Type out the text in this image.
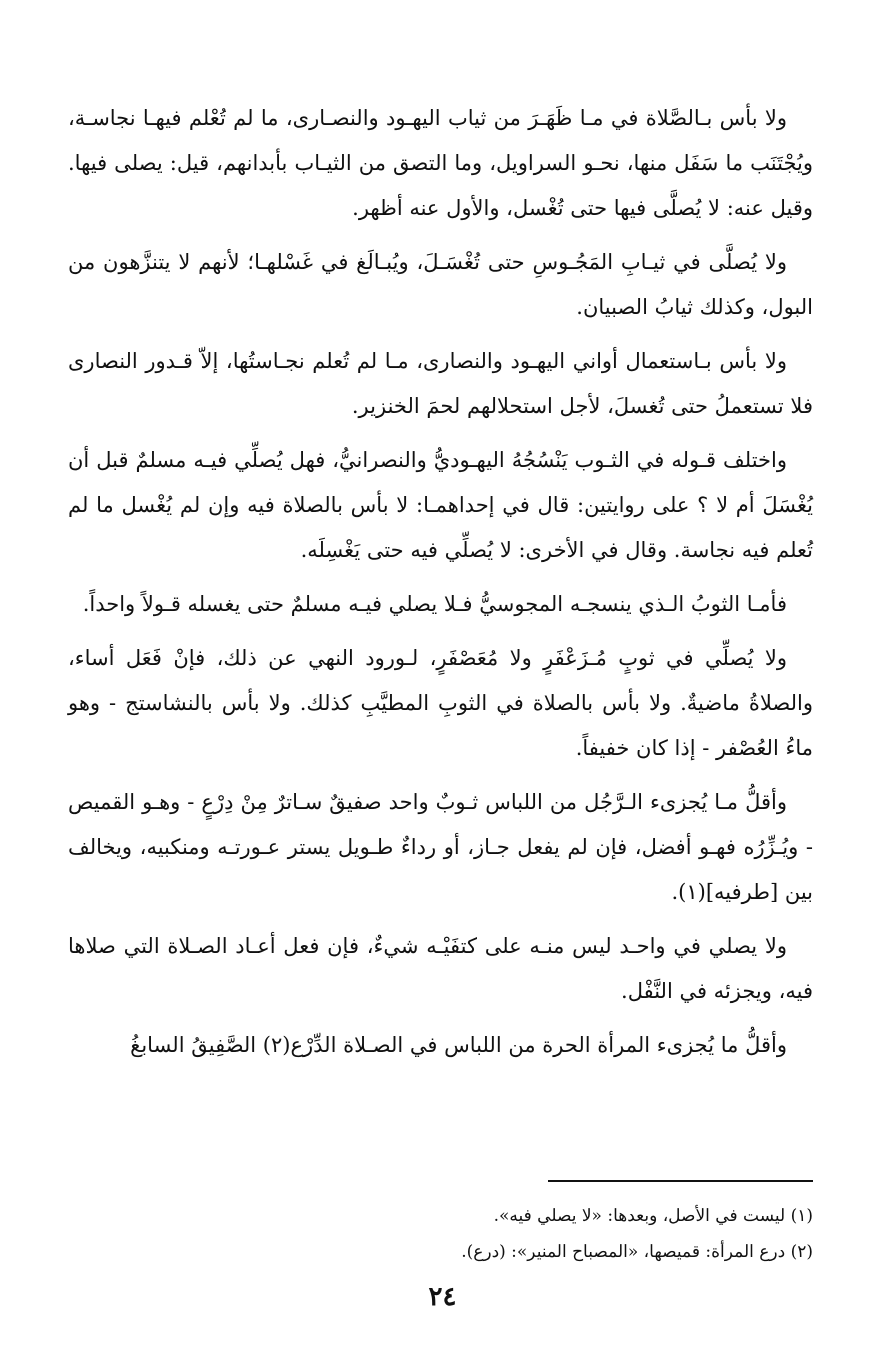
ولا بأس بـالصَّلاة في مـا ظَهَـرَ من ثياب اليهـود والنصـارى، ما لم تُعْلم فيهـا نجاسـة، ويُجْتَنَب ما سَفَل منها، نحـو السراويل، وما التصق من الثيـاب بأبدانهم، قيل: يصلى فيها. وقيل عنه: لا يُصلَّى فيها حتى تُغْسل، والأول عنه أظهر.

ولا يُصلَّى في ثيـابِ المَجُـوسِ حتى تُغْسَـلَ، ويُبـالَغ في غَسْلهـا؛ لأنهم لا يتنزَّهون من البول، وكذلك ثيابُ الصبيان.

ولا بأس بـاستعمال أواني اليهـود والنصارى، مـا لم تُعلم نجـاستُها، إلاّ قـدور النصارى فلا تستعملُ حتى تُغسلَ، لأجل استحلالهم لحمَ الخنزير.

واختلف قـوله في الثـوب يَنْسُجُهُ اليهـوديُّ والنصرانيُّ، فهل يُصلِّي فيـه مسلمٌ قبل أن يُغْسَلَ أم لا ؟ على روايتين: قال في إحداهمـا: لا بأس بالصلاة فيه وإن لم يُغْسل ما لم تُعلم فيه نجاسة. وقال في الأخرى: لا يُصلِّي فيه حتى يَغْسِلَه.

فأمـا الثوبُ الـذي ينسجـه المجوسيُّ فـلا يصلي فيـه مسلمٌ حتى يغسله قـولاً واحداً.

ولا يُصلِّي في ثوبٍ مُـزَعْفَرٍ ولا مُعَصْفَرٍ، لـورود النهي عن ذلك، فإنْ فَعَل أساء، والصلاةُ ماضيةٌ. ولا بأس بالصلاة في الثوبِ المطيَّبِ كذلك. ولا بأس بالنشاستج - وهو ماءُ العُصْفر - إذا كان خفيفاً.

وأقلُّ مـا يُجزىء الـرَّجُل من اللباس ثـوبٌ واحد صفيقٌ سـاترٌ مِنْ دِرْعٍ - وهـو القميص - ويُـزِّرُه فهـو أفضل، فإن لم يفعل جـاز، أو رداءٌ طـويل يستر عـورتـه ومنكبيه، ويخالف بين [طرفيه](١).

ولا يصلي في واحـد ليس منـه على كتفَيْـه شيءٌ، فإن فعل أعـاد الصـلاة التي صلاها فيه، ويجزئه في النَّفْل.

وأقلُّ ما يُجزىء المرأة الحرة من اللباس في الصـلاة الدِّرْع(٢) الصَّفِيقُ السابغُ

(١) ليست في الأصل، وبعدها: «لا يصلي فيه».

(٢) درع المرأة: قميصها، «المصباح المنير»: (درع).

٢٤
